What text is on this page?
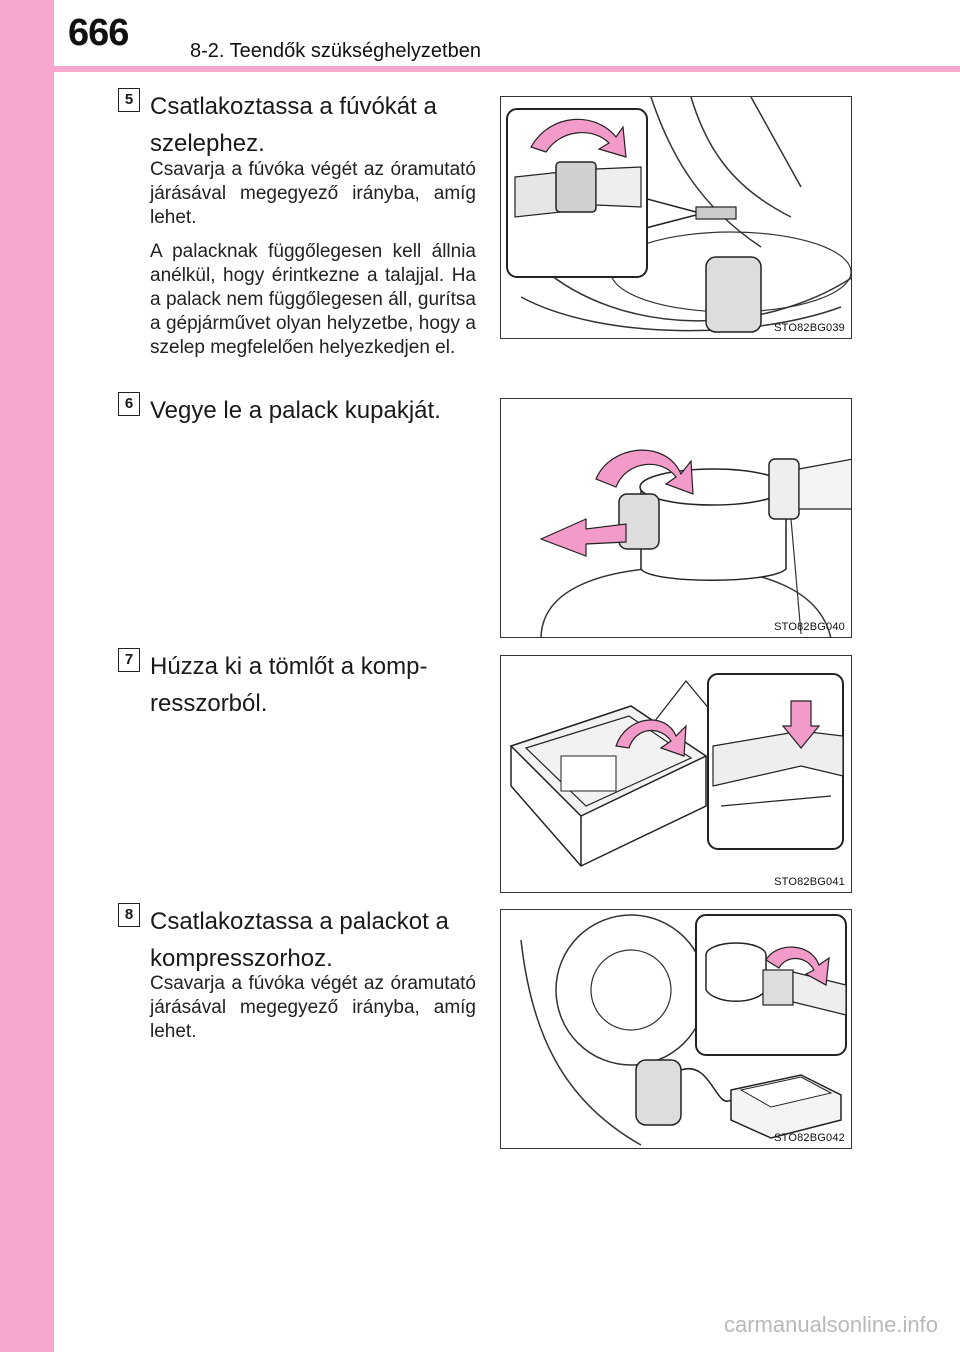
666	8-2. Teendők szükséghelyzetben
5 Csatlakoztassa a fúvókát a szelephez.

Csavarja a fúvóka végét az óramutató járásával megegyező irányba, amíg lehet.

A palacknak függőlegesen kell állnia anélkül, hogy érintkezne a talajjal. Ha a palack nem függőlegesen áll, gurítsa a gépjárművet olyan helyzetbe, hogy a szelep megfelelően helyezkedjen el.

STO82BG039
6 Vegye le a palack kupakját.
STO82BG040
7 Húzza ki a tömlőt a kompresszorból.
STO82BG041
8 Csatlakoztassa a palackot a kompresszorhoz.

Csavarja a fúvóka végét az óramutató járásával megegyező irányba, amíg lehet.

STO82BG042
carmanualsonline.info
